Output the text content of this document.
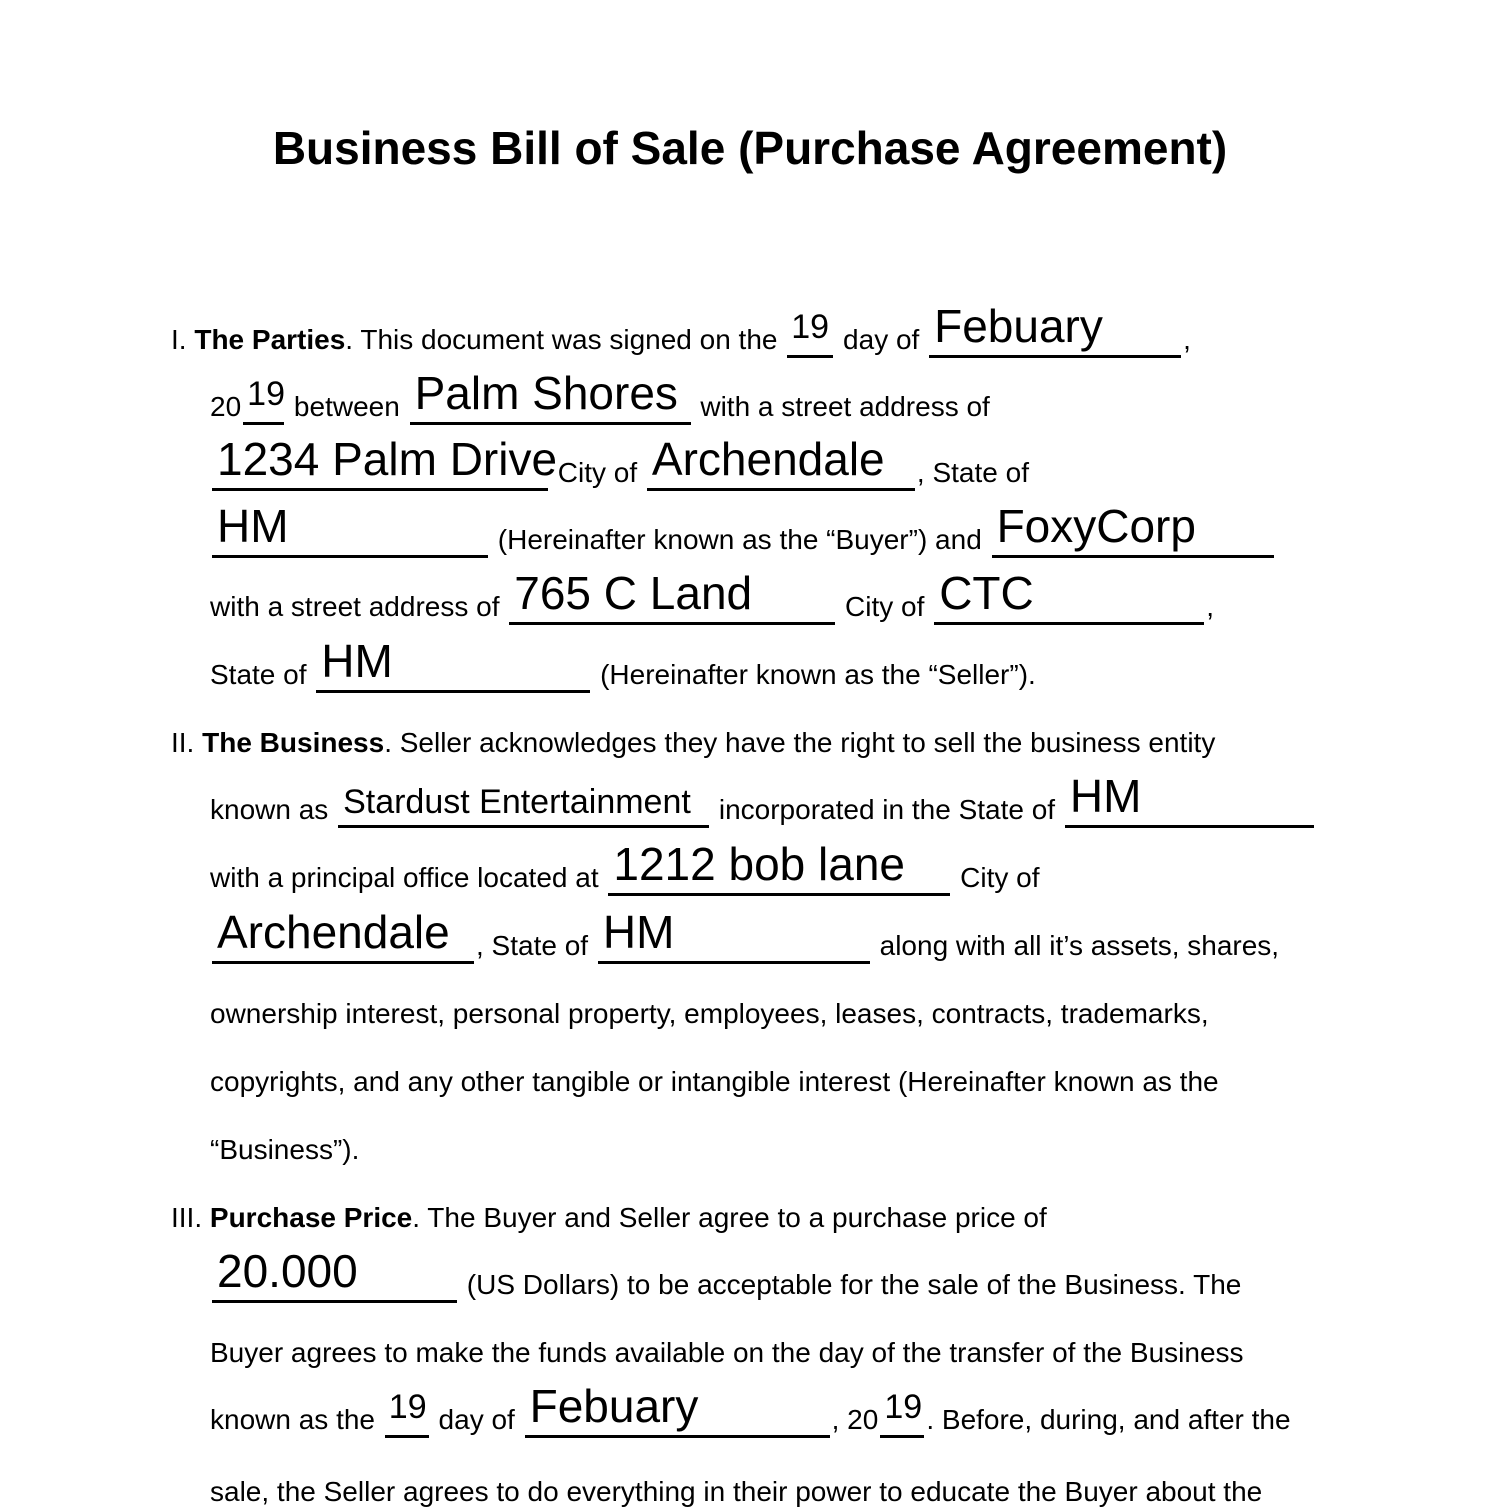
Business Bill of Sale (Purchase Agreement)
I. The Parties. This document was signed on the 19 day of Febuary	,
20 19 between Palm Shores with a street address of
1234 Palm Drive
City of Archendale , State of
HM	(Hereinafter known as the “Buyer”) and FoxyCorp
with a street address of 765 C Land	City of CTC	,
State of HM	(Hereinafter known as the “Seller”).
II. The Business. Seller acknowledges they have the right to sell the business entity
known as Stardust Entertainment incorporated in the State of HM
with a principal office located at 1212 bob lane City of
Archendale , State of HM	along with all it’s assets, shares,
ownership interest, personal property, employees, leases, contracts, trademarks,
copyrights, and any other tangible or intangible interest (Hereinafter known as the
“Business”).
III. Purchase Price. The Buyer and Seller agree to a purchase price of
20.000	(US Dollars) to be acceptable for the sale of the Business. The
Buyer agrees to make the funds available on the day of the transfer of the Business
known as the 19 day of Febuary	, 20 19 . Before, during, and after the
sale, the Seller agrees to do everything in their power to educate the Buyer about the
